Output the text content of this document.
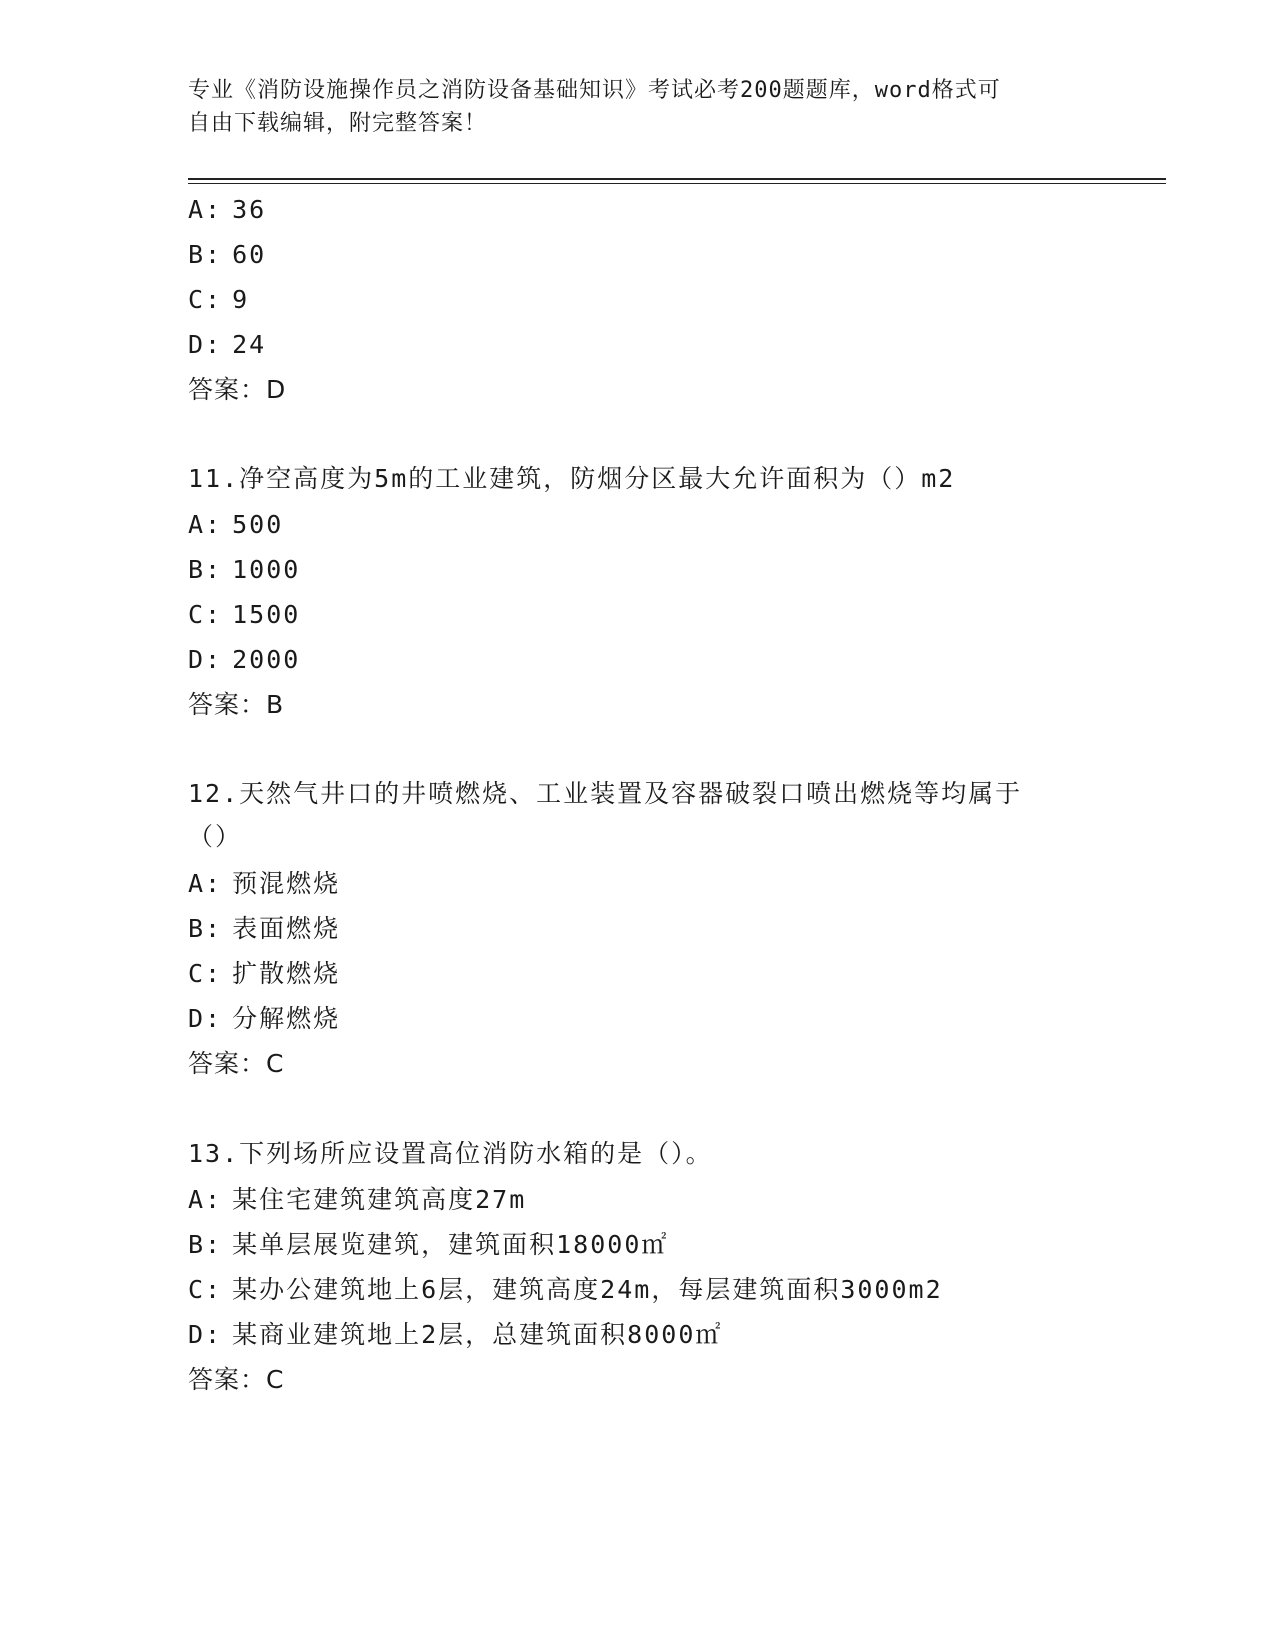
专业《消防设施操作员之消防设备基础知识》考试必考200题题库，word格式可
自由下载编辑，附完整答案！
A: 36
B: 60
C: 9
D: 24
答案：D
11.净空高度为5m的工业建筑，防烟分区最大允许面积为（）m2
A: 500
B: 1000
C: 1500
D: 2000
答案：B
12.天然气井口的井喷燃烧、工业装置及容器破裂口喷出燃烧等均属于
（）
A: 预混燃烧
B: 表面燃烧
C: 扩散燃烧
D: 分解燃烧
答案：C
13.下列场所应设置高位消防水箱的是（）。
A: 某住宅建筑建筑高度27m
B: 某单层展览建筑，建筑面积18000㎡
C: 某办公建筑地上6层，建筑高度24m，每层建筑面积3000m2
D: 某商业建筑地上2层，总建筑面积8000㎡
答案：C
